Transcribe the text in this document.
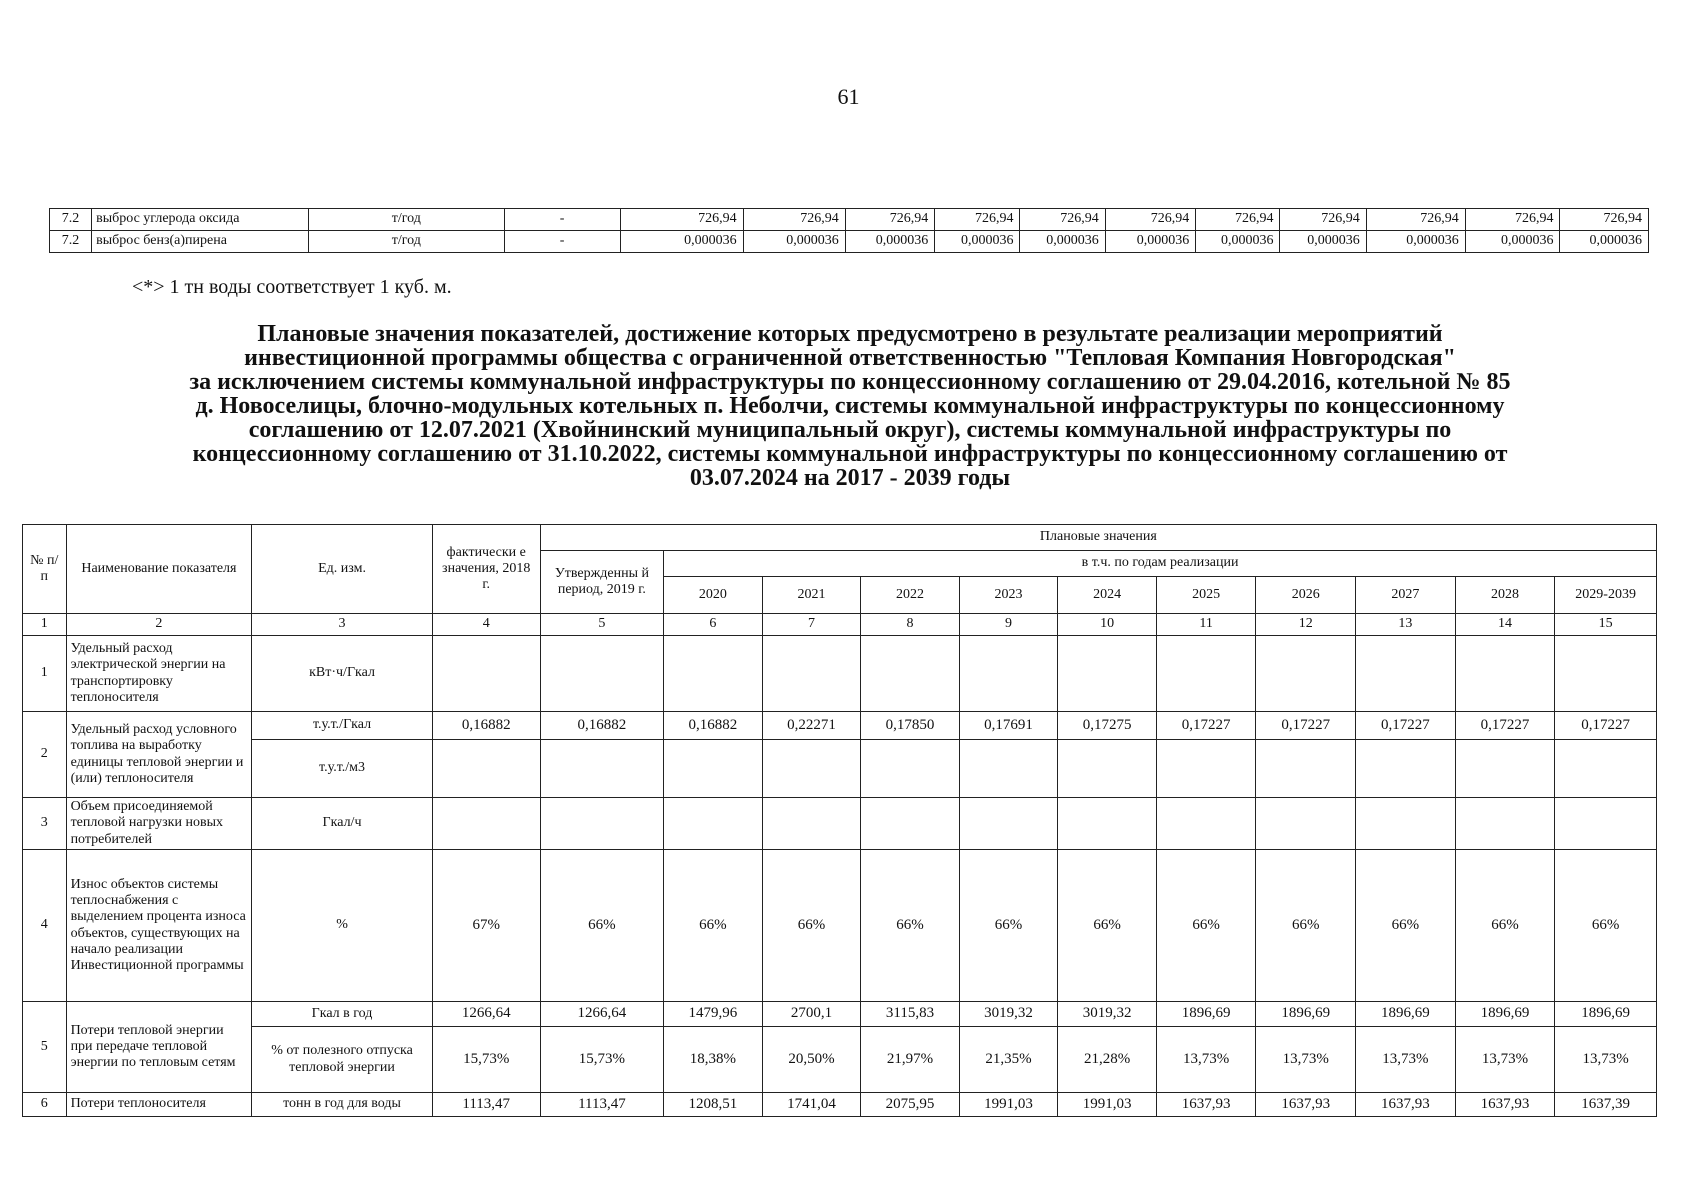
61
7.2	выброс углерода оксида	т/год	-	726,94	726,94	726,94	726,94	726,94	726,94	726,94	726,94	726,94	726,94	726,94
7.2	выброс бенз(а)пирена	т/год	-	0,000036	0,000036	0,000036	0,000036	0,000036	0,000036	0,000036	0,000036	0,000036	0,000036	0,000036
<*> 1 тн воды соответствует 1 куб. м.
Плановые значения показателей, достижение которых предусмотрено в результате реализации мероприятий
инвестиционной программы общества с ограниченной ответственностью "Тепловая Компания Новгородская"
за исключением системы коммунальной инфраструктуры по концессионному соглашению от 29.04.2016, котельной № 85
д. Новоселицы, блочно-модульных котельных п. Неболчи, системы коммунальной инфраструктуры по концессионному
соглашению от 12.07.2021 (Хвойнинский муниципальный округ), системы коммунальной инфраструктуры по
концессионному соглашению от 31.10.2022, системы коммунальной инфраструктуры по концессионному соглашению от
03.07.2024 на 2017 - 2039 годы
№ п/п	Наименование показателя	Ед. изм.	фактически е значения, 2018 г.	Плановые значения										
				Утвержденны й период, 2019 г.	в т.ч. по годам реализации									
					2020	2021	2022	2023	2024	2025	2026	2027	2028	2029-2039
1	2	3	4	5	6	7	8	9	10	11	12	13	14	15
1	Удельный расход электрической энергии на транспортировку теплоносителя	кВт·ч/Гкал												
2	Удельный расход условного топлива на выработку единицы тепловой энергии и (или) теплоносителя	т.у.т./Гкал	0,16882	0,16882	0,16882	0,22271	0,17850	0,17691	0,17275	0,17227	0,17227	0,17227	0,17227	0,17227
		т.у.т./м3												
3	Объем присоединяемой тепловой нагрузки новых потребителей	Гкал/ч												
4	Износ объектов системы теплоснабжения с выделением процента износа объектов, существующих на начало реализации Инвестиционной программы	%	67%	66%	66%	66%	66%	66%	66%	66%	66%	66%	66%	66%
5	Потери тепловой энергии при передаче тепловой энергии по тепловым сетям	Гкал в год	1266,64	1266,64	1479,96	2700,1	3115,83	3019,32	3019,32	1896,69	1896,69	1896,69	1896,69	1896,69
		% от полезного отпуска тепловой энергии	15,73%	15,73%	18,38%	20,50%	21,97%	21,35%	21,28%	13,73%	13,73%	13,73%	13,73%	13,73%
6	Потери теплоносителя	тонн в год для воды	1113,47	1113,47	1208,51	1741,04	2075,95	1991,03	1991,03	1637,93	1637,93	1637,93	1637,93	1637,39
